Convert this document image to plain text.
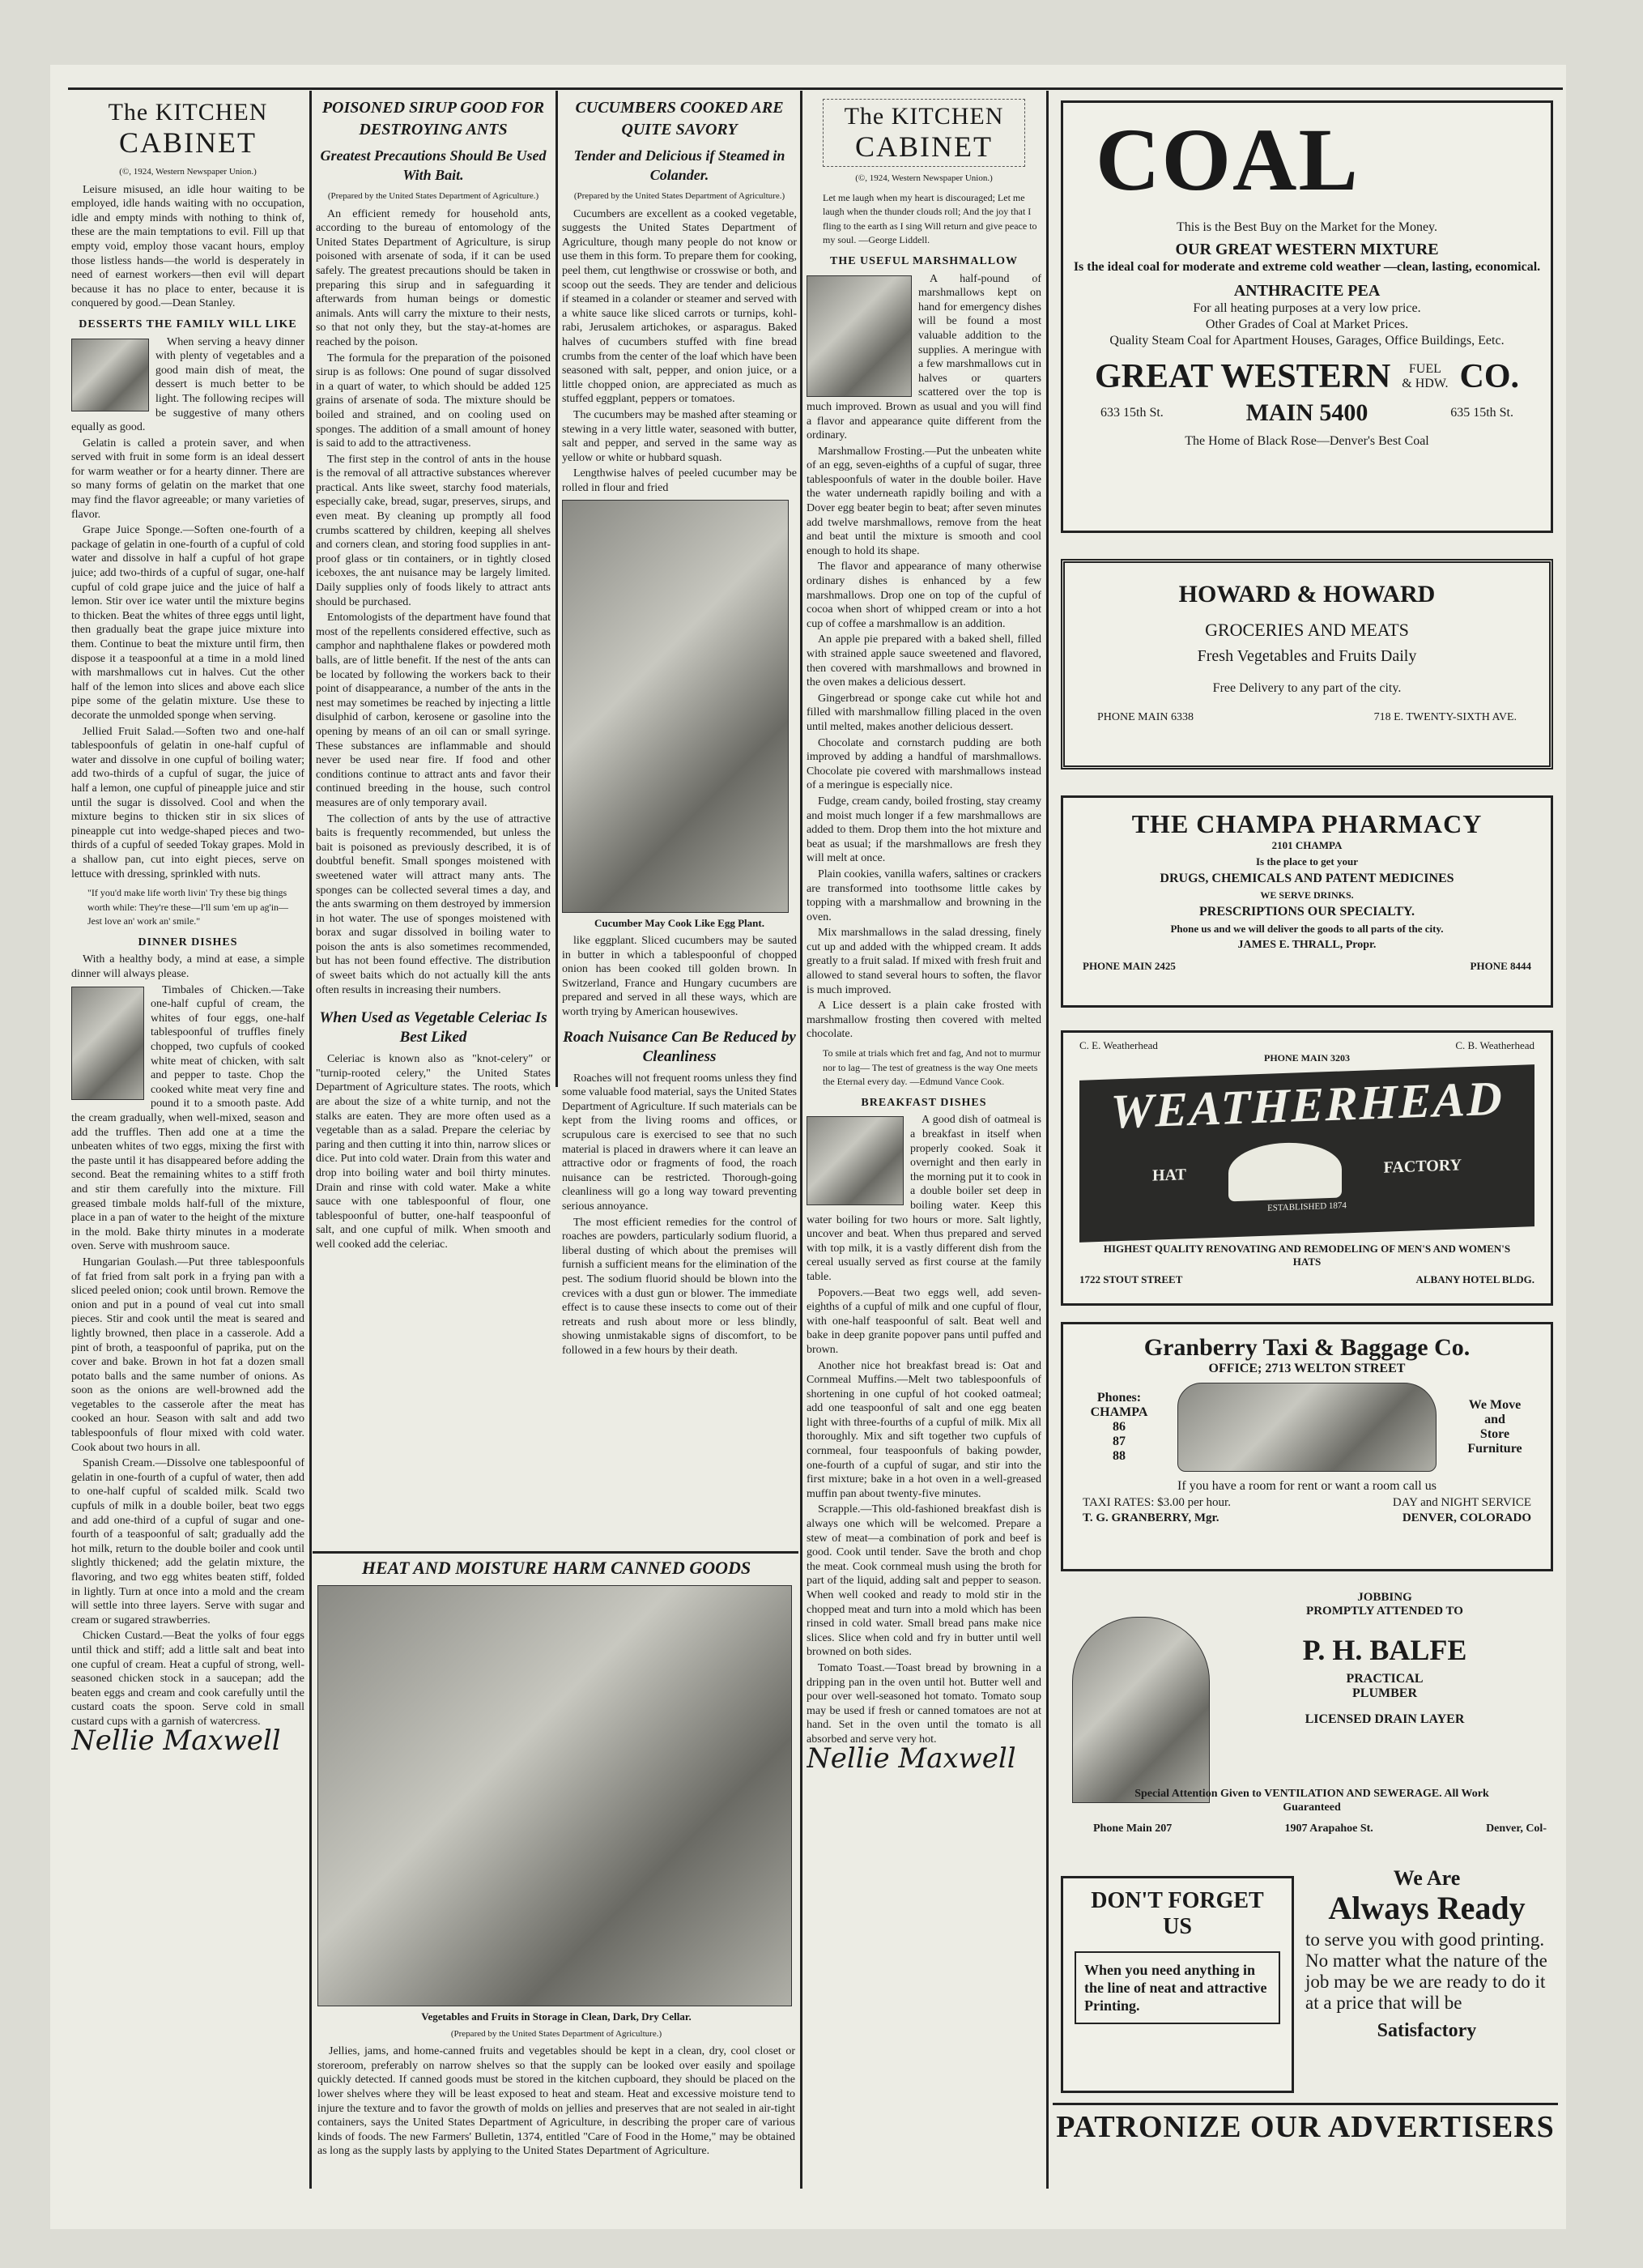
The KITCHEN
CABINET

(©, 1924, Western Newspaper Union.)

Leisure misused, an idle hour waiting to be employed, idle hands waiting with no occupation, idle and empty minds with nothing to think of, these are the main temptations to evil. Fill up that empty void, employ those vacant hours, employ those listless hands—the world is desperately in need of earnest workers—then evil will depart because it has no place to enter, because it is conquered by good.—Dean Stanley.

DESSERTS THE FAMILY WILL LIKE

When serving a heavy dinner with plenty of vegetables and a good main dish of meat, the dessert is much better to be light. The following recipes will be suggestive of many others equally as good.

Gelatin is called a protein saver, and when served with fruit in some form is an ideal dessert for warm weather or for a hearty dinner. There are so many forms of gelatin on the market that one may find the flavor agreeable; or many varieties of flavor.

Grape Juice Sponge.—Soften one-fourth of a package of gelatin in one-fourth of a cupful of cold water and dissolve in half a cupful of hot grape juice; add two-thirds of a cupful of sugar, one-half cupful of cold grape juice and the juice of half a lemon. Stir over ice water until the mixture begins to thicken. Beat the whites of three eggs until light, then gradually beat the grape juice mixture into them. Continue to beat the mixture until firm, then dispose it a teaspoonful at a time in a mold lined with marshmallows cut in halves. Cut the other half of the lemon into slices and above each slice pipe some of the gelatin mixture. Use these to decorate the unmolded sponge when serving.

Jellied Fruit Salad.—Soften two and one-half tablespoonfuls of gelatin in one-half cupful of water and dissolve in one cupful of boiling water; add two-thirds of a cupful of sugar, the juice of half a lemon, one cupful of pineapple juice and stir until the sugar is dissolved. Cool and when the mixture begins to thicken stir in six slices of pineapple cut into wedge-shaped pieces and two-thirds of a cupful of seeded Tokay grapes. Mold in a shallow pan, cut into eight pieces, serve on lettuce with dressing, sprinkled with nuts.

"If you'd make life worth livin' Try these big things worth while: They're these—I'll sum 'em up ag'in— Jest love an' work an' smile."

DINNER DISHES

With a healthy body, a mind at ease, a simple dinner will always please.

Timbales of Chicken.—Take one-half cupful of cream, the whites of four eggs, one-half tablespoonful of truffles finely chopped, two cupfuls of cooked white meat of chicken, with salt and pepper to taste. Chop the cooked white meat very fine and pound it to a smooth paste. Add the cream gradually, when well-mixed, season and add the truffles. Then add one at a time the unbeaten whites of two eggs, mixing the first with the paste until it has disappeared before adding the second. Beat the remaining whites to a stiff froth and stir them carefully into the mixture. Fill greased timbale molds half-full of the mixture, place in a pan of water to the height of the mixture in the mold. Bake thirty minutes in a moderate oven. Serve with mushroom sauce.

Hungarian Goulash.—Put three tablespoonfuls of fat fried from salt pork in a frying pan with a sliced peeled onion; cook until brown. Remove the onion and put in a pound of veal cut into small pieces. Stir and cook until the meat is seared and lightly browned, then place in a casserole. Add a pint of broth, a teaspoonful of paprika, put on the cover and bake. Brown in hot fat a dozen small potato balls and the same number of onions. As soon as the onions are well-browned add the vegetables to the casserole after the meat has cooked an hour. Season with salt and add two tablespoonfuls of flour mixed with cold water. Cook about two hours in all.

Spanish Cream.—Dissolve one tablespoonful of gelatin in one-fourth of a cupful of water, then add to one-half cupful of scalded milk. Scald two cupfuls of milk in a double boiler, beat two eggs and add one-third of a cupful of sugar and one-fourth of a teaspoonful of salt; gradually add the hot milk, return to the double boiler and cook until slightly thickened; add the gelatin mixture, the flavoring, and two egg whites beaten stiff, folded in lightly. Turn at once into a mold and the cream will settle into three layers. Serve with sugar and cream or sugared strawberries.

Chicken Custard.—Beat the yolks of four eggs until thick and stiff; add a little salt and beat into one cupful of cream. Heat a cupful of strong, well-seasoned chicken stock in a saucepan; add the beaten eggs and cream and cook carefully until the custard coats the spoon. Serve cold in small custard cups with a garnish of watercress.

Nellie Maxwell
POISONED SIRUP GOOD FOR DESTROYING ANTS
Greatest Precautions Should Be Used With Bait.

(Prepared by the United States Department of Agriculture.)

An efficient remedy for household ants, according to the bureau of entomology of the United States Department of Agriculture, is sirup poisoned with arsenate of soda, if it can be used safely. The greatest precautions should be taken in preparing this sirup and in safeguarding it afterwards from human beings or domestic animals. Ants will carry the mixture to their nests, so that not only they, but the stay-at-homes are reached by the poison.

The formula for the preparation of the poisoned sirup is as follows: One pound of sugar dissolved in a quart of water, to which should be added 125 grains of arsenate of soda. The mixture should be boiled and strained, and on cooling used on sponges. The addition of a small amount of honey is said to add to the attractiveness.

The first step in the control of ants in the house is the removal of all attractive substances wherever practical. Ants like sweet, starchy food materials, especially cake, bread, sugar, preserves, sirups, and even meat. By cleaning up promptly all food crumbs scattered by children, keeping all shelves and corners clean, and storing food supplies in ant-proof glass or tin containers, or in tightly closed iceboxes, the ant nuisance may be largely limited. Daily supplies only of foods likely to attract ants should be purchased.

Entomologists of the department have found that most of the repellents considered effective, such as camphor and naphthalene flakes or powdered moth balls, are of little benefit. If the nest of the ants can be located by following the workers back to their point of disappearance, a number of the ants in the nest may sometimes be reached by injecting a little disulphid of carbon, kerosene or gasoline into the opening by means of an oil can or small syringe. These substances are inflammable and should never be used near fire. If food and other conditions continue to attract ants and favor their continued breeding in the house, such control measures are of only temporary avail.

The collection of ants by the use of attractive baits is frequently recommended, but unless the bait is poisoned as previously described, it is of doubtful benefit. Small sponges moistened with sweetened water will attract many ants. The sponges can be collected several times a day, and the ants swarming on them destroyed by immersion in hot water. The use of sponges moistened with borax and sugar dissolved in boiling water to poison the ants is also sometimes recommended, but has not been found effective. The distribution of sweet baits which do not actually kill the ants often results in increasing their numbers.

When Used as Vegetable Celeriac Is Best Liked

Celeriac is known also as "knot-celery" or "turnip-rooted celery," the United States Department of Agriculture states. The roots, which are about the size of a white turnip, and not the stalks are eaten. They are more often used as a vegetable than as a salad. Prepare the celeriac by paring and then cutting it into thin, narrow slices or dice. Put into cold water. Drain from this water and drop into boiling water and boil thirty minutes. Drain and rinse with cold water. Make a white sauce with one tablespoonful of flour, one tablespoonful of butter, one-half teaspoonful of salt, and one cupful of milk. When smooth and well cooked add the celeriac.

CUCUMBERS COOKED ARE QUITE SAVORY
Tender and Delicious if Steamed in Colander.

(Prepared by the United States Department of Agriculture.)

Cucumbers are excellent as a cooked vegetable, suggests the United States Department of Agriculture, though many people do not know or use them in this form. To prepare them for cooking, peel them, cut lengthwise or crosswise or both, and scoop out the seeds. They are tender and delicious if steamed in a colander or steamer and served with a white sauce like sliced carrots or turnips, kohl-rabi, Jerusalem artichokes, or asparagus. Baked halves of cucumbers stuffed with fine bread crumbs from the center of the loaf which have been seasoned with salt, pepper, and onion juice, or a little chopped onion, are appreciated as much as stuffed eggplant, peppers or tomatoes.

The cucumbers may be mashed after steaming or stewing in a very little water, seasoned with butter, salt and pepper, and served in the same way as yellow or white or hubbard squash.

Lengthwise halves of peeled cucumber may be rolled in flour and fried

Cucumber May Cook Like Egg Plant.

like eggplant. Sliced cucumbers may be sauted in butter in which a tablespoonful of chopped onion has been cooked till golden brown. In Switzerland, France and Hungary cucumbers are prepared and served in all these ways, which are worth trying by American housewives.

Roach Nuisance Can Be Reduced by Cleanliness

Roaches will not frequent rooms unless they find some valuable food material, says the United States Department of Agriculture. If such materials can be kept from the living rooms and offices, or scrupulous care is exercised to see that no such material is placed in drawers where it can leave an attractive odor or fragments of food, the roach nuisance can be restricted. Thorough-going cleanliness will go a long way toward preventing serious annoyance.

The most efficient remedies for the control of roaches are powders, particularly sodium fluorid, a liberal dusting of which about the premises will furnish a sufficient means for the elimination of the pest. The sodium fluorid should be blown into the crevices with a dust gun or blower. The immediate effect is to cause these insects to come out of their retreats and rush about more or less blindly, showing unmistakable signs of discomfort, to be followed in a few hours by their death.

HEAT AND MOISTURE HARM CANNED GOODS
Vegetables and Fruits in Storage in Clean, Dark, Dry Cellar.

(Prepared by the United States Department of Agriculture.)

Jellies, jams, and home-canned fruits and vegetables should be kept in a clean, dry, cool closet or storeroom, preferably on narrow shelves so that the supply can be looked over easily and spoilage quickly detected. If canned goods must be stored in the kitchen cupboard, they should be placed on the lower shelves where they will be least exposed to heat and steam. Heat and excessive moisture tend to injure the texture and to favor the growth of molds on jellies and preserves that are not sealed in air-tight containers, says the United States Department of Agriculture, in describing the proper care of various kinds of foods. The new Farmers' Bulletin, 1374, entitled "Care of Food in the Home," may be obtained as long as the supply lasts by applying to the United States Department of Agriculture.

The KITCHEN
CABINET

(©, 1924, Western Newspaper Union.)

Let me laugh when my heart is discouraged; Let me laugh when the thunder clouds roll; And the joy that I fling to the earth as I sing Will return and give peace to my soul. —George Liddell.

THE USEFUL MARSHMALLOW

A half-pound of marshmallows kept on hand for emergency dishes will be found a most valuable addition to the supplies. A meringue with a few marshmallows cut in halves or quarters scattered over the top is much improved. Brown as usual and you will find a flavor and appearance quite different from the ordinary.

Marshmallow Frosting.—Put the unbeaten white of an egg, seven-eighths of a cupful of sugar, three tablespoonfuls of water in the double boiler. Have the water underneath rapidly boiling and with a Dover egg beater begin to beat; after seven minutes add twelve marshmallows, remove from the heat and beat until the mixture is smooth and cool enough to hold its shape.

The flavor and appearance of many otherwise ordinary dishes is enhanced by a few marshmallows. Drop one on top of the cupful of cocoa when short of whipped cream or into a hot cup of coffee a marshmallow is an addition.

An apple pie prepared with a baked shell, filled with strained apple sauce sweetened and flavored, then covered with marshmallows and browned in the oven makes a delicious dessert.

Gingerbread or sponge cake cut while hot and filled with marshmallow filling placed in the oven until melted, makes another delicious dessert.

Chocolate and cornstarch pudding are both improved by adding a handful of marshmallows. Chocolate pie covered with marshmallows instead of a meringue is especially nice.

Fudge, cream candy, boiled frosting, stay creamy and moist much longer if a few marshmallows are added to them. Drop them into the hot mixture and beat as usual; if the marshmallows are fresh they will melt at once.

Plain cookies, vanilla wafers, saltines or crackers are transformed into toothsome little cakes by topping with a marshmallow and browning in the oven.

Mix marshmallows in the salad dressing, finely cut up and added with the whipped cream. It adds greatly to a fruit salad. If mixed with fresh fruit and allowed to stand several hours to soften, the flavor is much improved.

A Lice dessert is a plain cake frosted with marshmallow frosting then covered with melted chocolate.

To smile at trials which fret and fag, And not to murmur nor to lag— The test of greatness is the way One meets the Eternal every day. —Edmund Vance Cook.

BREAKFAST DISHES

A good dish of oatmeal is a breakfast in itself when properly cooked. Soak it overnight and then early in the morning put it to cook in a double boiler set deep in boiling water. Keep this water boiling for two hours or more. Salt lightly, uncover and beat. When thus prepared and served with top milk, it is a vastly different dish from the cereal usually served as first course at the family table.

Popovers.—Beat two eggs well, add seven-eighths of a cupful of milk and one cupful of flour, with one-half teaspoonful of salt. Beat well and bake in deep granite popover pans until puffed and brown.

Another nice hot breakfast bread is: Oat and Cornmeal Muffins.—Melt two tablespoonfuls of shortening in one cupful of hot cooked oatmeal; add one teaspoonful of salt and one egg beaten light with three-fourths of a cupful of milk. Mix all thoroughly. Mix and sift together two cupfuls of cornmeal, four teaspoonfuls of baking powder, one-fourth of a cupful of sugar, and stir into the first mixture; bake in a hot oven in a well-greased muffin pan about twenty-five minutes.

Scrapple.—This old-fashioned breakfast dish is always one which will be welcomed. Prepare a stew of meat—a combination of pork and beef is good. Cook until tender. Save the broth and chop the meat. Cook cornmeal mush using the broth for part of the liquid, adding salt and pepper to season. When well cooked and ready to mold stir in the chopped meat and turn into a mold which has been rinsed in cold water. Small bread pans make nice slices. Slice when cold and fry in butter until well browned on both sides.

Tomato Toast.—Toast bread by browning in a dripping pan in the oven until hot. Butter well and pour over well-seasoned hot tomato. Tomato soup may be used if fresh or canned tomatoes are not at hand. Set in the oven until the tomato is all absorbed and serve very hot.

Nellie Maxwell
COAL
This is the Best Buy on the Market for the Money.
OUR GREAT WESTERN MIXTURE
Is the ideal coal for moderate and extreme cold weather —clean, lasting, economical.
ANTHRACITE PEA
For all heating purposes at a very low price.
Other Grades of Coal at Market Prices.
Quality Steam Coal for Apartment Houses, Garages, Office Buildings, Eetc.
GREAT WESTERN	FUEL
& HDW. CO.
633 15th St.	MAIN 5400	635 15th St.
The Home of Black Rose—Denver's Best Coal
HOWARD & HOWARD
GROCERIES AND MEATS
Fresh Vegetables and Fruits Daily
Free Delivery to any part of the city.
PHONE MAIN 6338	718 E. TWENTY-SIXTH AVE.
THE CHAMPA PHARMACY
2101 CHAMPA
Is the place to get your
DRUGS, CHEMICALS AND PATENT MEDICINES
WE SERVE DRINKS.
PRESCRIPTIONS OUR SPECIALTY.
Phone us and we will deliver the goods to all parts of the city.
JAMES E. THRALL, Propr.
PHONE MAIN 2425	PHONE 8444
C. E. Weatherhead	C. B. Weatherhead
PHONE MAIN 3203
WEATHERHEAD
HAT	FACTORY
ESTABLISHED 1874
HIGHEST QUALITY RENOVATING AND REMODELING OF MEN'S AND WOMEN'S HATS
1722 STOUT STREET	ALBANY HOTEL BLDG.
Granberry Taxi & Baggage Co.
OFFICE; 2713 WELTON STREET
Phones:
CHAMPA
86
87
88
We Move
and
Store
Furniture
If you have a room for rent or want a room call us
TAXI RATES: $3.00 per hour.	DAY and NIGHT SERVICE
T. G. GRANBERRY, Mgr.	DENVER, COLORADO
JOBBING
PROMPTLY ATTENDED TO
P. H. BALFE
PRACTICAL
PLUMBER
LICENSED DRAIN LAYER
Special Attention Given to VENTILATION AND SEWERAGE. All Work Guaranteed
Phone Main 207	1907 Arapahoe St.	Denver, Col-
DON'T FORGET
US
When you need anything in the line of neat and attractive Printing.
We Are
Always Ready
to serve you with good printing. No matter what the nature of the job may be we are ready to do it at a price that will be
Satisfactory
PATRONIZE OUR ADVERTISERS
